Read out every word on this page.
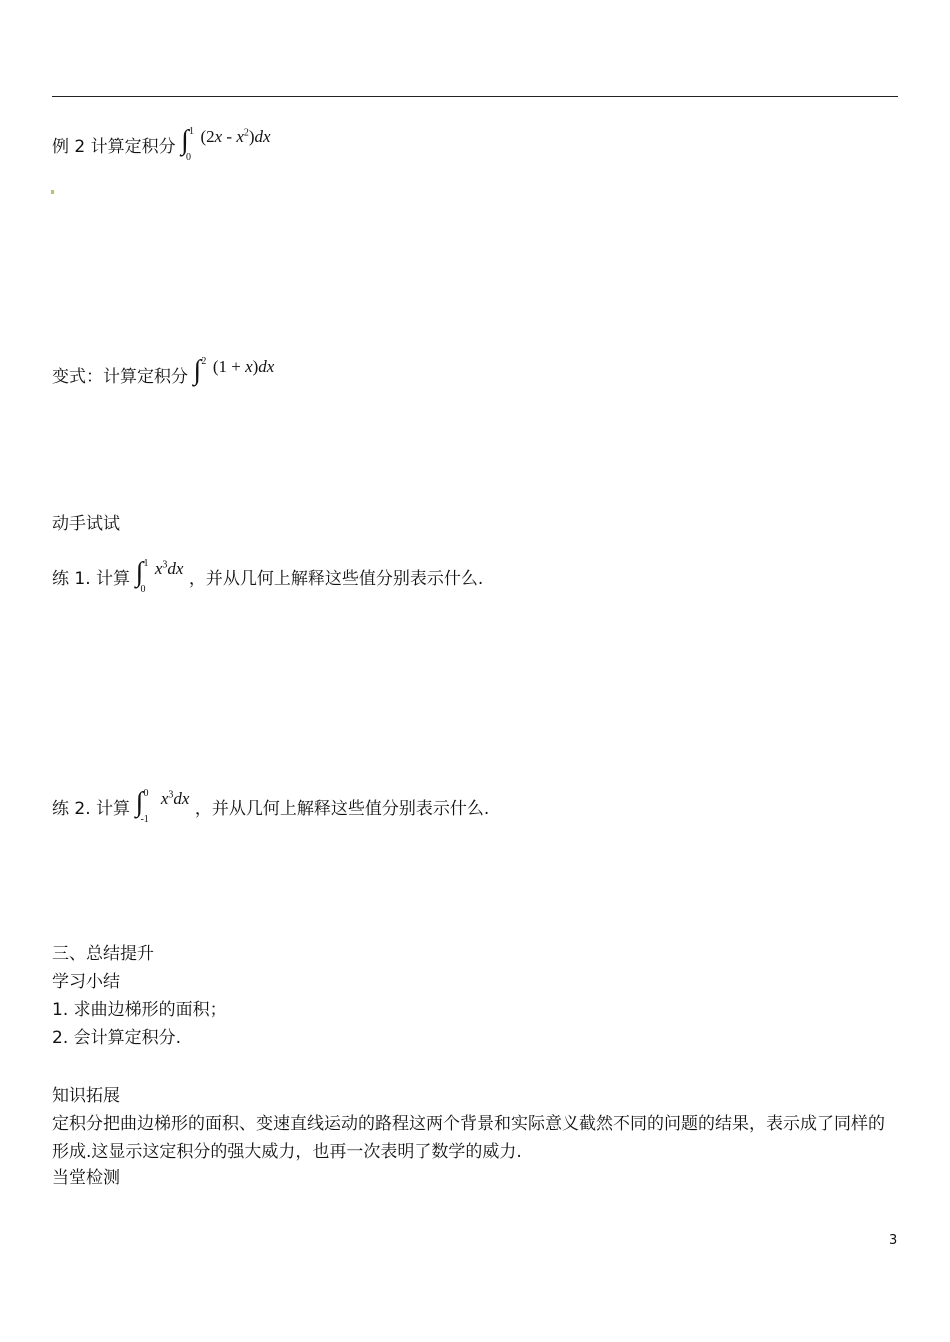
例 2 计算定积分 ∫ 1
0
$(2x - x^2)dx$
变式：计算定积分 ∫ 2 (1 + x)dx
动手试试
练 1. 计算 ∫ 1
0
$x^3dx$ ，并从几何上解释这些值分别表示什么.
练 2. 计算 ∫ 0
-1
$x^3dx$ ，并从几何上解释这些值分别表示什么.
三、总结提升
学习小结
1. 求曲边梯形的面积；
2. 会计算定积分.
知识拓展
定积分把曲边梯形的面积、变速直线运动的路程这两个背景和实际意义截然不同的问题的结果，表示成了同样的形成.这显示这定积分的强大威力，也再一次表明了数学的威力.
当堂检测
3
